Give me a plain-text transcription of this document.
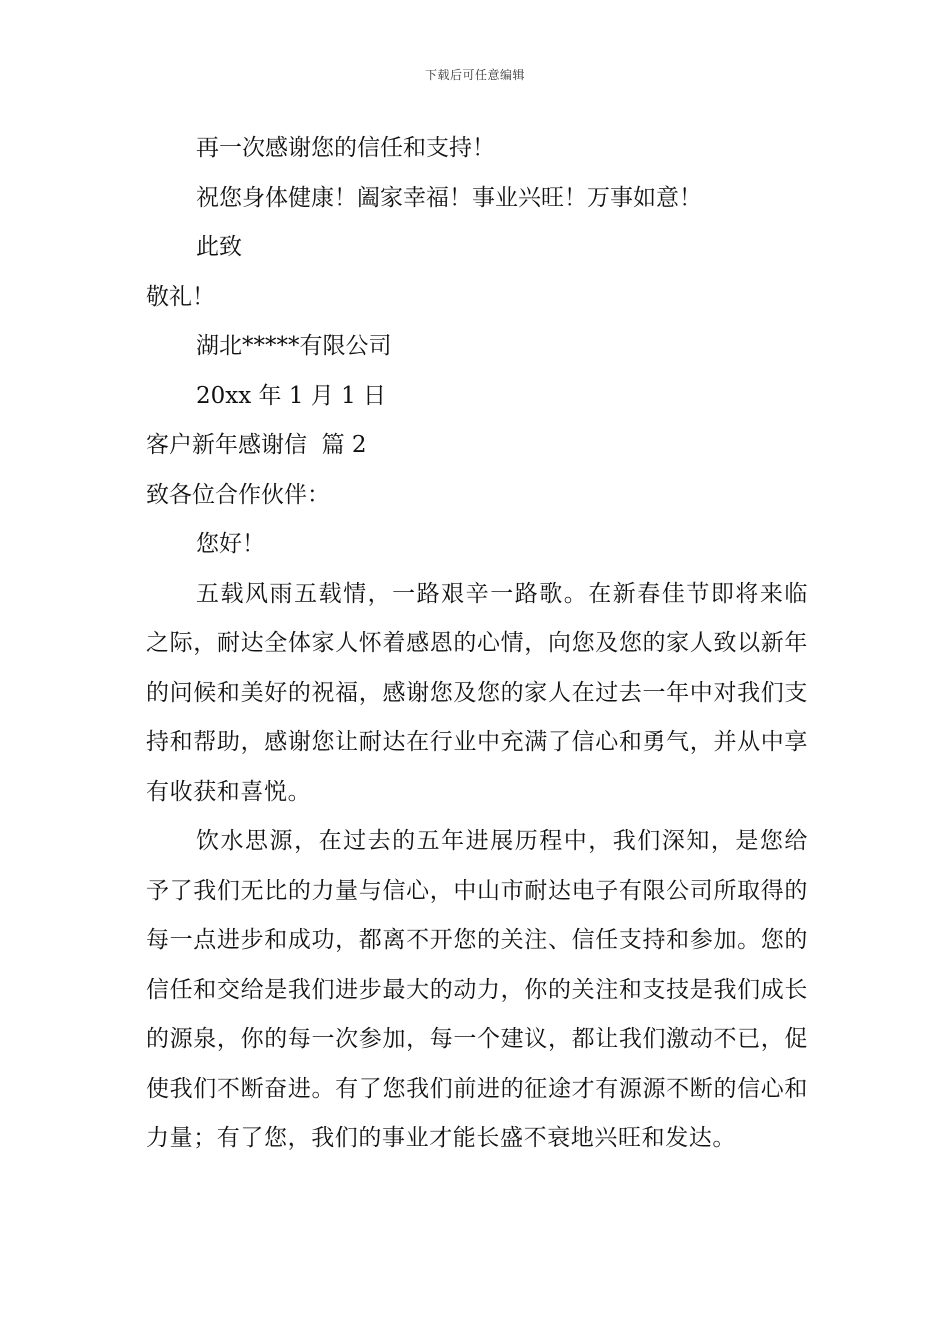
下载后可任意编辑
再一次感谢您的信任和支持！
祝您身体健康！阖家幸福！事业兴旺！万事如意！
此致
敬礼！
湖北*****有限公司
20xx 年 1 月 1 日
客户新年感谢信  篇 2
致各位合作伙伴：
您好！
五载风雨五载情，一路艰辛一路歌。在新春佳节即将来临之际，耐达全体家人怀着感恩的心情，向您及您的家人致以新年的问候和美好的祝福，感谢您及您的家人在过去一年中对我们支持和帮助，感谢您让耐达在行业中充满了信心和勇气，并从中享有收获和喜悦。
饮水思源，在过去的五年进展历程中，我们深知，是您给予了我们无比的力量与信心，中山市耐达电子有限公司所取得的每一点进步和成功，都离不开您的关注、信任支持和参加。您的信任和交给是我们进步最大的动力，你的关注和支技是我们成长的源泉，你的每一次参加，每一个建议，都让我们激动不已，促使我们不断奋进。有了您我们前进的征途才有源源不断的信心和力量；有了您，我们的事业才能长盛不衰地兴旺和发达。
